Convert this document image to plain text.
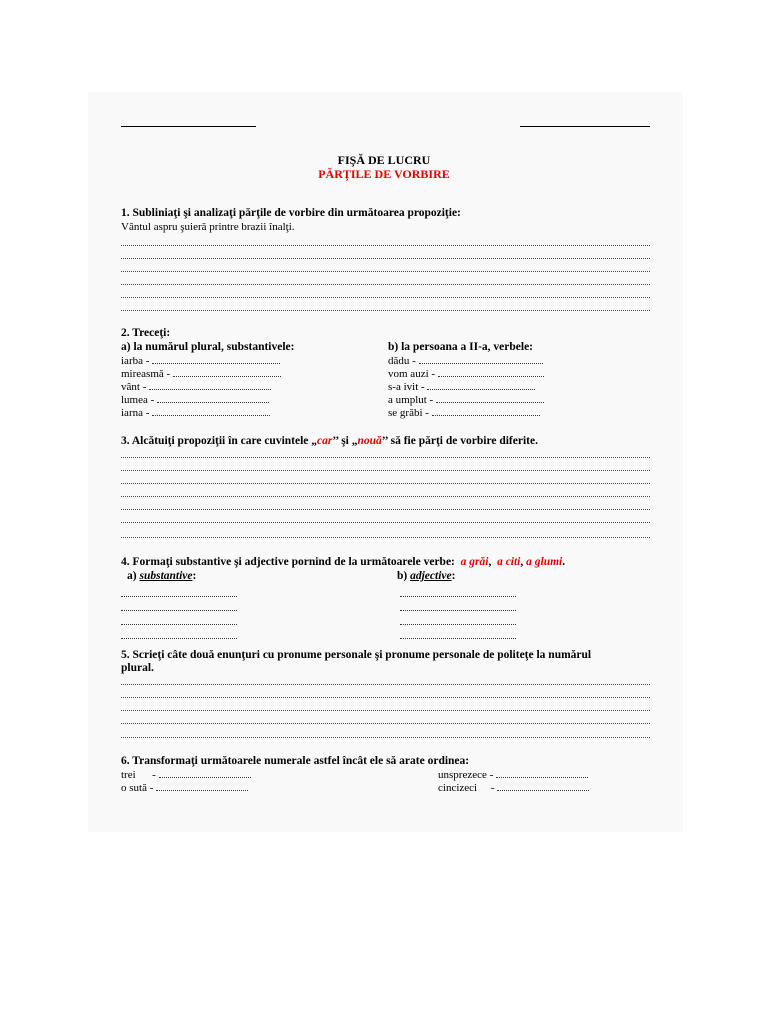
FIŞĂ DE LUCRU
PĂRŢILE DE VORBIRE
1. Subliniaţi şi analizaţi părţile de vorbire din următoarea propoziţie:
Vântul aspru şuieră printre brazii înalţi.
2. Treceţi:
a) la numărul plural, substantivele:	b) la persoana a II-a, verbele:
iarba -
mireasmă -
vânt -
lumea -
iarna -
dădu -
vom auzi -
s-a ivit -
a umplut -
se grăbi -
3. Alcătuiţi propoziţii în care cuvintele „car’’ şi „nouă’’ să fie părţi de vorbire diferite.
4. Formaţi substantive şi adjective pornind de la următoarele verbe: a grăi, a citi, a glumi.
a) substantive:	b) adjective:
5. Scrieţi câte două enunţuri cu pronume personale şi pronume personale de politeţe la numărul
plural.
6. Transformaţi următoarele numerale astfel încât ele să arate ordinea:
trei      -
o sută -
unsprezece -
cincizeci     -
